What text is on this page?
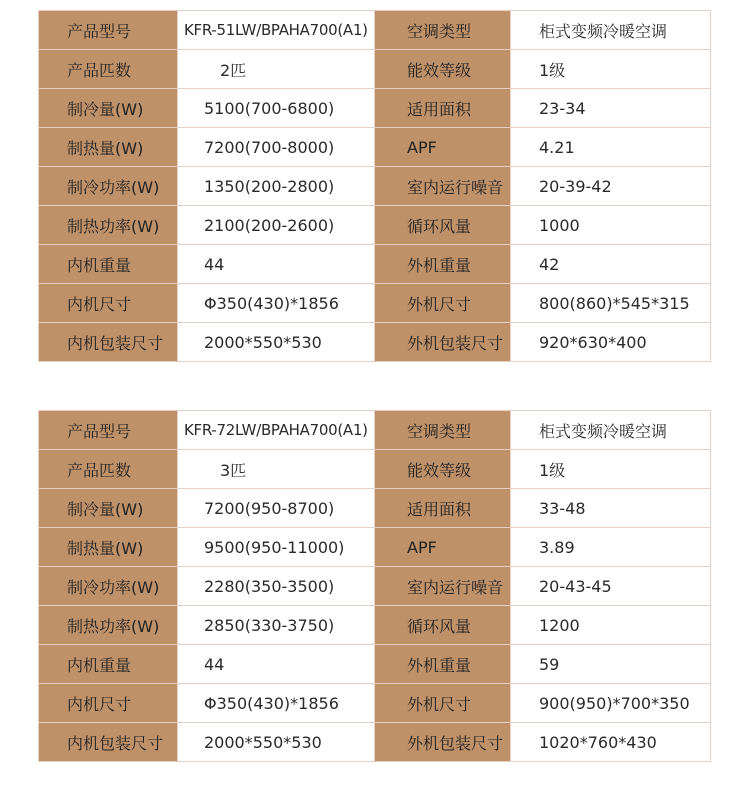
产品型号	KFR-51LW/BPAHA700(A1)	空调类型	柜式变频冷暖空调
产品匹数	2匹	能效等级	1级
制冷量(W)	5100(700-6800)	适用面积	23-34
制热量(W)	7200(700-8000)	APF	4.21
制冷功率(W)	1350(200-2800)	室内运行噪音	20-39-42
制热功率(W)	2100(200-2600)	循环风量	1000
内机重量	44	外机重量	42
内机尺寸	Φ350(430)*1856	外机尺寸	800(860)*545*315
内机包装尺寸	2000*550*530	外机包装尺寸	920*630*400
产品型号	KFR-72LW/BPAHA700(A1)	空调类型	柜式变频冷暖空调
产品匹数	3匹	能效等级	1级
制冷量(W)	7200(950-8700)	适用面积	33-48
制热量(W)	9500(950-11000)	APF	3.89
制冷功率(W)	2280(350-3500)	室内运行噪音	20-43-45
制热功率(W)	2850(330-3750)	循环风量	1200
内机重量	44	外机重量	59
内机尺寸	Φ350(430)*1856	外机尺寸	900(950)*700*350
内机包装尺寸	2000*550*530	外机包装尺寸	1020*760*430
